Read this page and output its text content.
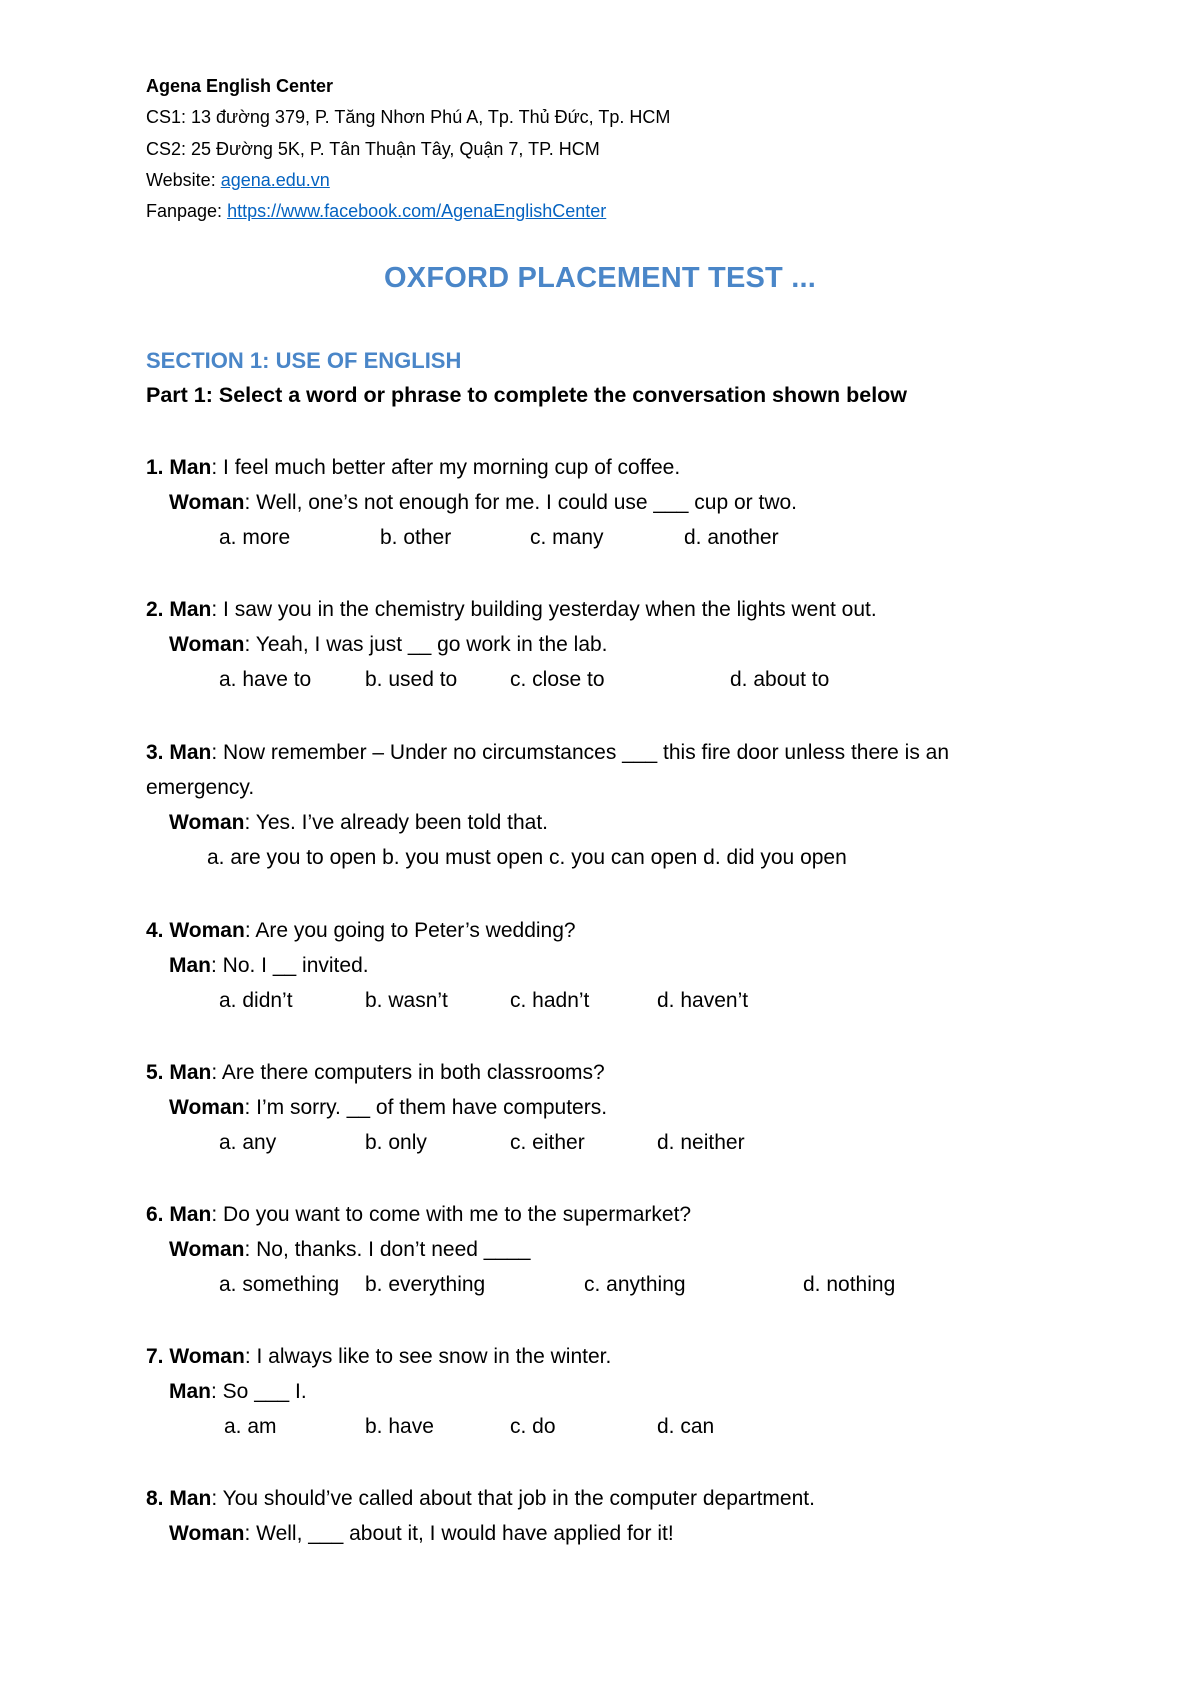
Agena English Center
CS1: 13 đường 379, P. Tăng Nhơn Phú A, Tp. Thủ Đức, Tp. HCM
CS2: 25 Đường 5K, P. Tân Thuận Tây, Quận 7, TP. HCM
Website: agena.edu.vn
Fanpage: https://www.facebook.com/AgenaEnglishCenter
OXFORD PLACEMENT TEST ...
SECTION 1: USE OF ENGLISH
Part 1: Select a word or phrase to complete the conversation shown below
1. Man: I feel much better after my morning cup of coffee.
Woman: Well, one’s not enough for me. I could use ___ cup or two.
a. more	b. other	c. many	d. another
2. Man: I saw you in the chemistry building yesterday when the lights went out.
Woman: Yeah, I was just __ go work in the lab.
a. have to	b. used to	c. close to	d. about to
3. Man: Now remember – Under no circumstances ___ this fire door unless there is an
emergency.
Woman: Yes. I’ve already been told that.
a. are you to open b. you must open c. you can open d. did you open
4. Woman: Are you going to Peter’s wedding?
Man: No. I __ invited.
a. didn’t	b. wasn’t	c. hadn’t	d. haven’t
5. Man: Are there computers in both classrooms?
Woman: I’m sorry. __ of them have computers.
a. any	b. only	c. either	d. neither
6. Man: Do you want to come with me to the supermarket?
Woman: No, thanks. I don’t need ____
a. something b. everything	c. anything	d. nothing
7. Woman: I always like to see snow in the winter.
Man: So ___ I.
a. am	b. have	c. do	d. can
8. Man: You should’ve called about that job in the computer department.
Woman: Well, ___ about it, I would have applied for it!
